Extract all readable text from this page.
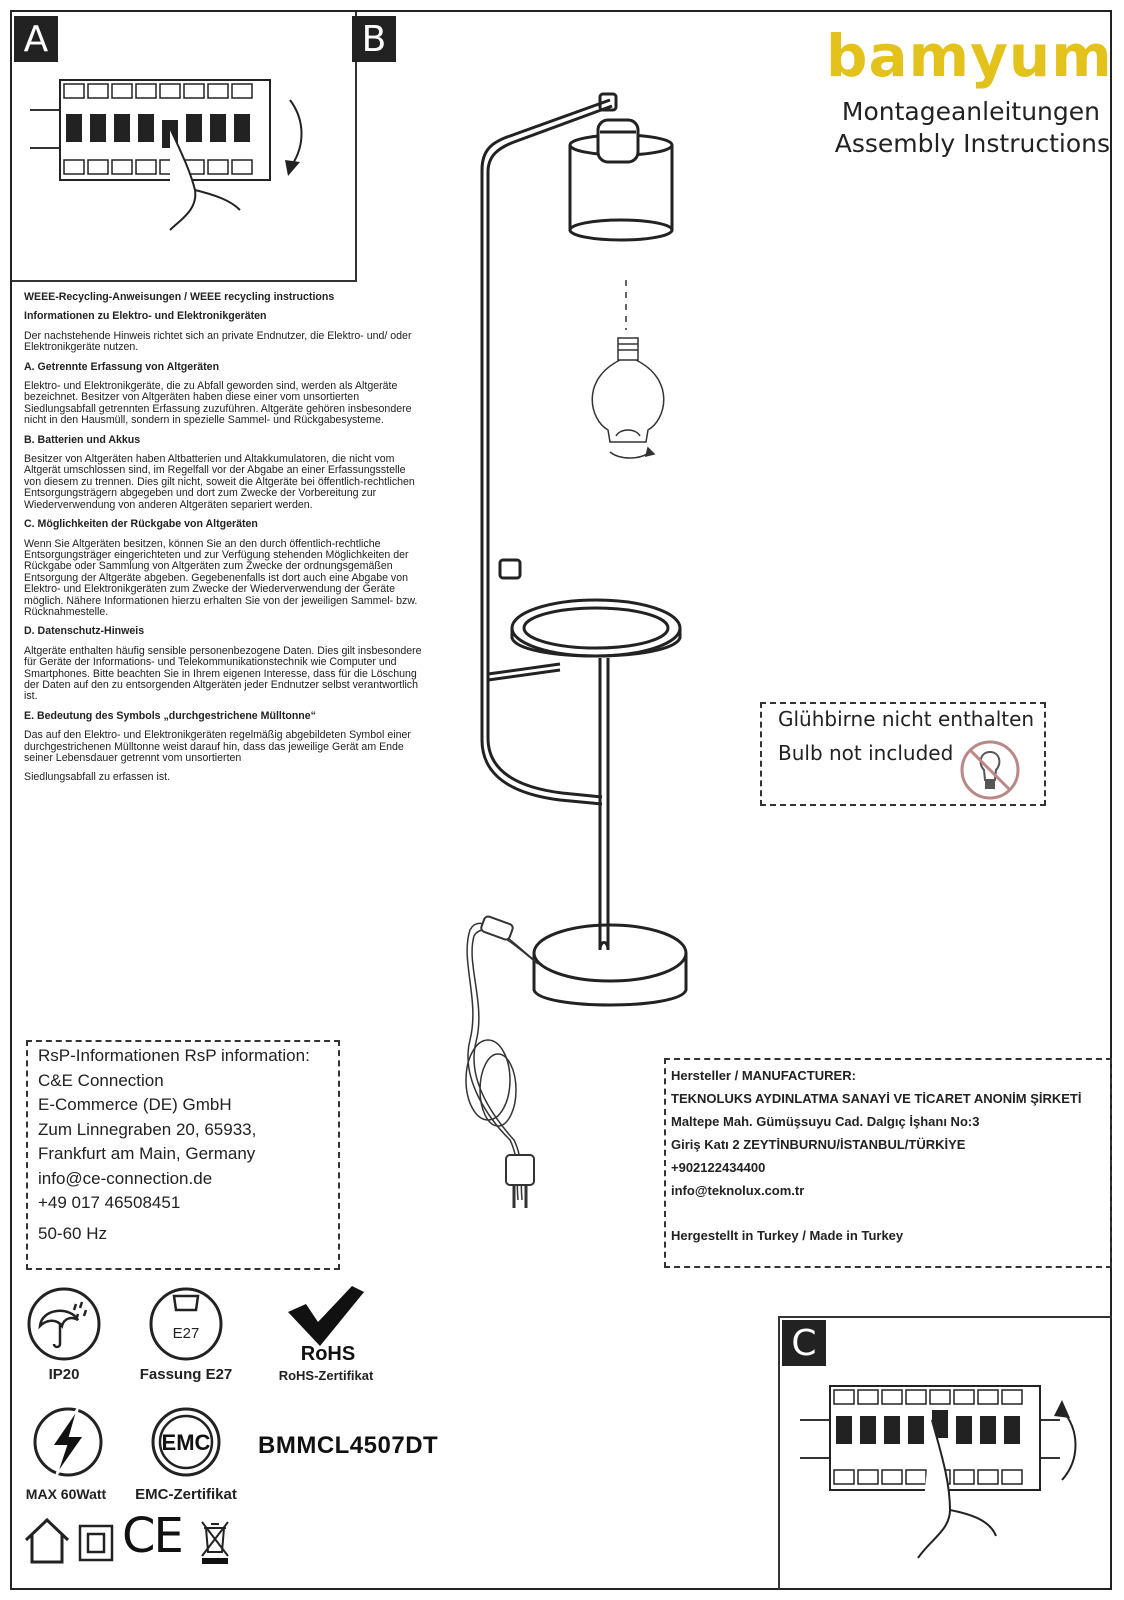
A	B	bamyum
Montageanleitungen
Assembly Instructions
WEEE-Recycling-Anweisungen / WEEE recycling instructions
Informationen zu Elektro- und Elektronikgeräten

Der nachstehende Hinweis richtet sich an private Endnutzer, die Elektro- und/ oder Elektronikgeräte nutzen.

A. Getrennte Erfassung von Altgeräten

Elektro- und Elektronikgeräte, die zu Abfall geworden sind, werden als Altgeräte bezeichnet. Besitzer von Altgeräten haben diese einer vom unsortierten Siedlungsabfall getrennten Erfassung zuzuführen. Altgeräte gehören insbesondere nicht in den Hausmüll, sondern in spezielle Sammel- und Rückgabesysteme.

B. Batterien und Akkus

Besitzer von Altgeräten haben Altbatterien und Altakkumulatoren, die nicht vom Altgerät umschlossen sind, im Regelfall vor der Abgabe an einer Erfassungsstelle von diesem zu trennen. Dies gilt nicht, soweit die Altgeräte bei öffentlich-rechtlichen Entsorgungsträgern abgegeben und dort zum Zwecke der Vorbereitung zur Wiederverwendung von anderen Altgeräten separiert werden.

C. Möglichkeiten der Rückgabe von Altgeräten

Wenn Sie Altgeräten besitzen, können Sie an den durch öffentlich-rechtliche Entsorgungsträger eingerichteten und zur Verfügung stehenden Möglichkeiten der Rückgabe oder Sammlung von Altgeräten zum Zwecke der ordnungsgemäßen Entsorgung der Altgeräte abgeben. Gegebenenfalls ist dort auch eine Abgabe von Elektro- und Elektronikgeräten zum Zwecke der Wiederverwendung der Geräte möglich. Nähere Informationen hierzu erhalten Sie von der jeweiligen Sammel- bzw. Rücknahmestelle.

D. Datenschutz-Hinweis

Altgeräte enthalten häufig sensible personenbezogene Daten. Dies gilt insbesondere für Geräte der Informations- und Telekommunikationstechnik wie Computer und Smartphones. Bitte beachten Sie in Ihrem eigenen Interesse, dass für die Löschung der Daten auf den zu entsorgenden Altgeräten jeder Endnutzer selbst verantwortlich ist.

E. Bedeutung des Symbols „durchgestrichene Mülltonne“

Das auf den Elektro- und Elektronikgeräten regelmäßig abgebildeten Symbol einer durchgestrichenen Mülltonne weist darauf hin, dass das jeweilige Gerät am Ende seiner Lebensdauer getrennt vom unsortierten

Siedlungsabfall zu erfassen ist.

Glühbirne nicht enthalten
Bulb not included
RsP-Informationen RsP information:
C&E Connection
E-Commerce (DE) GmbH
Zum Linnegraben 20, 65933,
Frankfurt am Main, Germany
info@ce-connection.de
+49 017 46508451
50-60 Hz
Hersteller / MANUFACTURER:
TEKNOLUKS AYDINLATMA SANAYİ VE TİCARET ANONİM ŞİRKETİ
Maltepe Mah. Gümüşsuyu Cad. Dalgıç İşhanı No:3
Giriş Katı 2 ZEYTİNBURNU/İSTANBUL/TÜRKİYE
+902122434400
info@teknolux.com.tr
Hergestellt in Turkey / Made in Turkey
IP20
E27
Fassung E27
RoHS
RoHS-Zertifikat
MAX 60Watt
EMC
EMC-Zertifikat
BMMCL4507DT
CE
C
